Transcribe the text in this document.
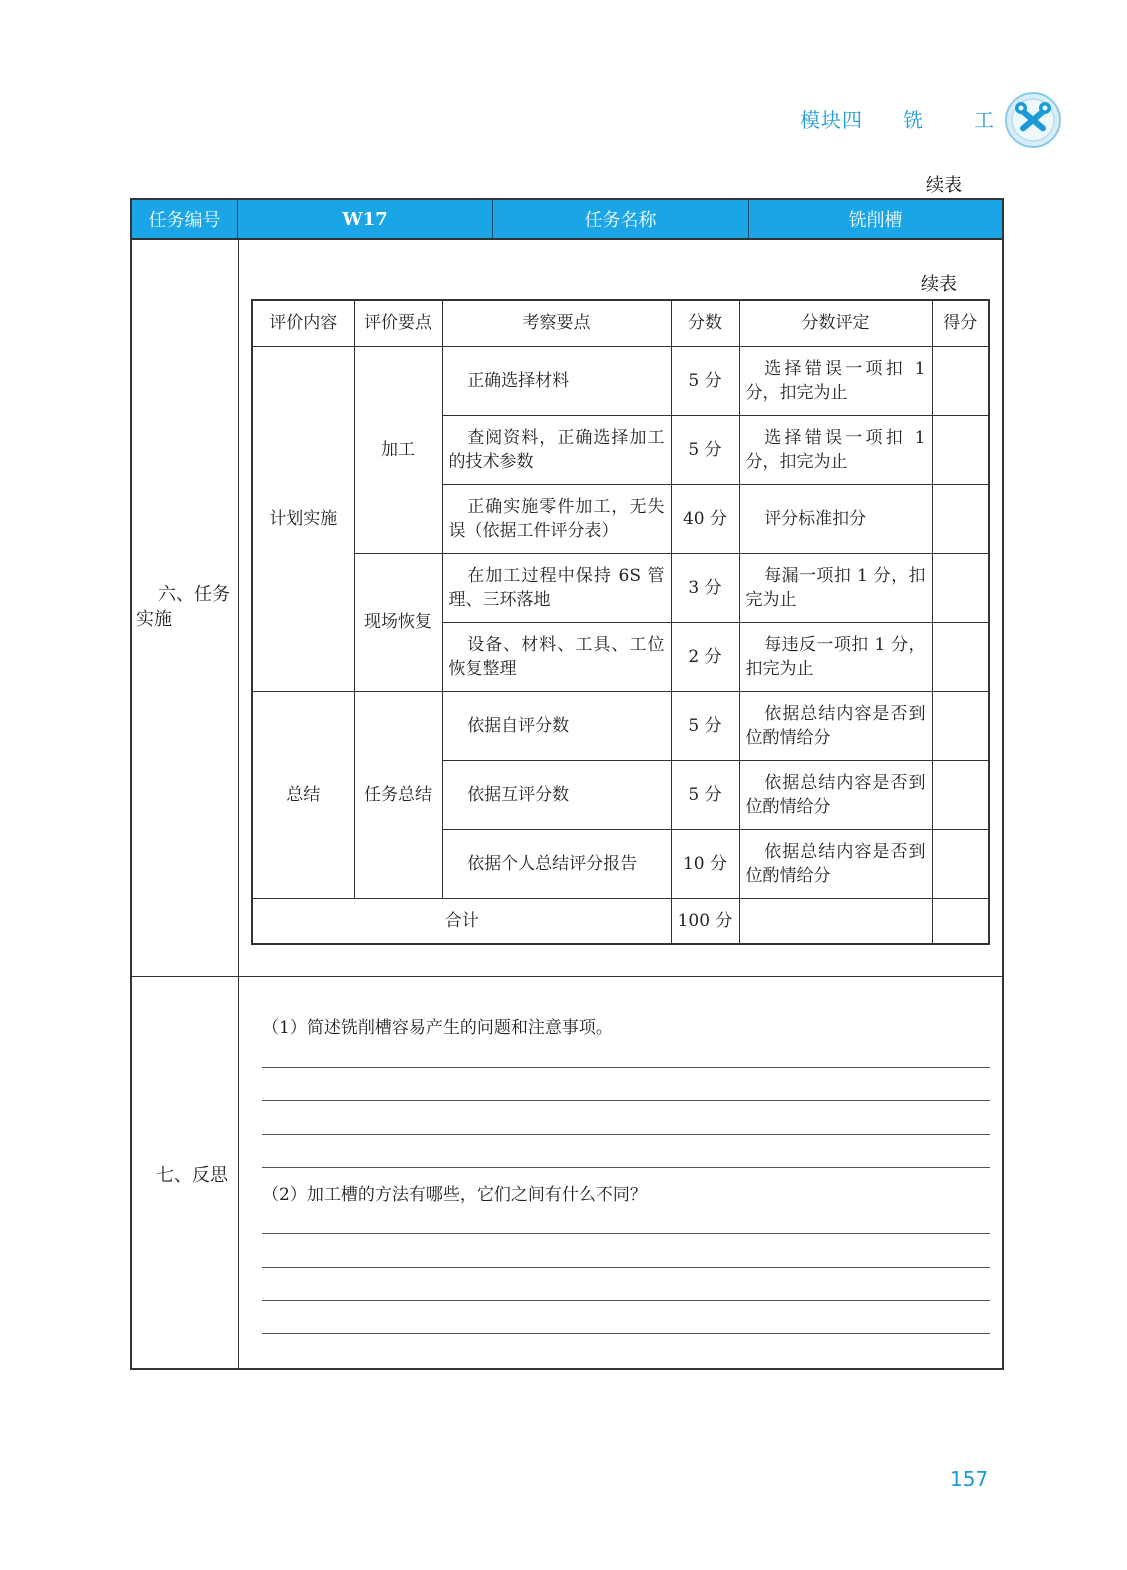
模块四 铣	工
续表
任务编号	W17	任务名称	铣削槽
六、任务
实施
七、反思
续表
评价内容	评价要点	考察要点	分数	分数评定	得分
计划实施	加工	正确选择材料	5 分	选择错误一项扣 1 分，扣完为止	
		查阅资料，正确选择加工的技术参数	5 分	选择错误一项扣 1 分，扣完为止	
		正确实施零件加工，无失误（依据工件评分表）	40 分	评分标准扣分	
	现场恢复	在加工过程中保持 6S 管理、三环落地	3 分	每漏一项扣 1 分，扣完为止	
		设备、材料、工具、工位恢复整理	2 分	每违反一项扣 1 分，扣完为止	
总结	任务总结	依据自评分数	5 分	依据总结内容是否到位酌情给分	
		依据互评分数	5 分	依据总结内容是否到位酌情给分	
		依据个人总结评分报告	10 分	依据总结内容是否到位酌情给分	
合计			100 分		
（1）简述铣削槽容易产生的问题和注意事项。
（2）加工槽的方法有哪些，它们之间有什么不同？
157
